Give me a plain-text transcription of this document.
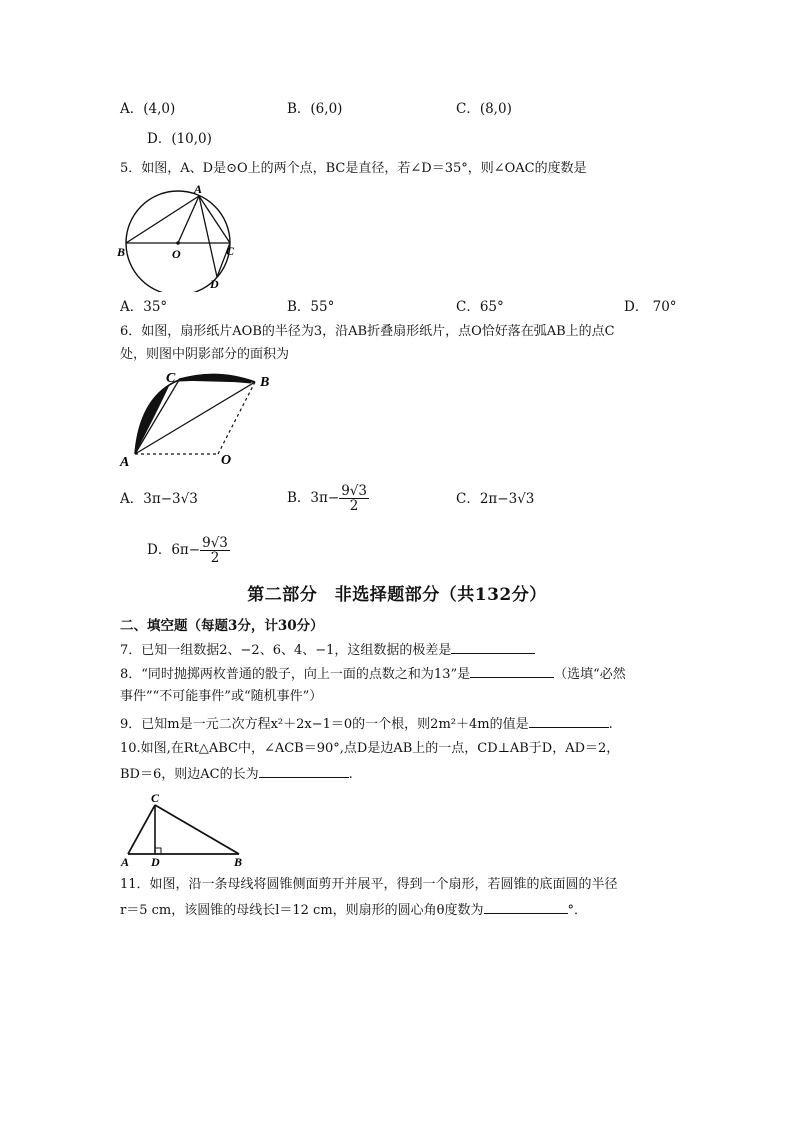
A．(4,0)	B．(6,0)	C．(8,0)
D．(10,0)
5．如图，A、D是⊙O上的两个点，BC是直径，若∠D＝35°，则∠OAC的度数是
A
B	O	C
D
A．35°	B．55°	C．65°	D． 70°
6．如图，扇形纸片AOB的半径为3，沿AB折叠扇形纸片，点O恰好落在弧AB上的点C
处，则图中阴影部分的面积为
C	B
A	O
A．3π−3√3	B．$3\pi- \frac{9√3}{2}$	C．2π−3√3
D．$6\pi- \frac{9√3}{2}$
第二部分　非选择题部分（共132分）
二、填空题（每题3分，计30分）
7．已知一组数据2、−2、6、4、−1，这组数据的极差是
8．“同时抛掷两枚普通的骰子，向上一面的点数之和为13”是	（选填“必然
事件”“不可能事件”或“随机事件”）
9．已知m是一元二次方程x²＋2x−1＝0的一个根，则2m²＋4m的值是	.
10.如图,在Rt△ABC中，∠ACB＝90°,点D是边AB上的一点，CD⊥AB于D，AD＝2，
BD＝6，则边AC的长为	.
C
A D	B
11．如图，沿一条母线将圆锥侧面剪开并展平，得到一个扇形，若圆锥的底面圆的半径
r＝5 cm，该圆锥的母线长l＝12 cm，则扇形的圆心角θ度数为	°．
